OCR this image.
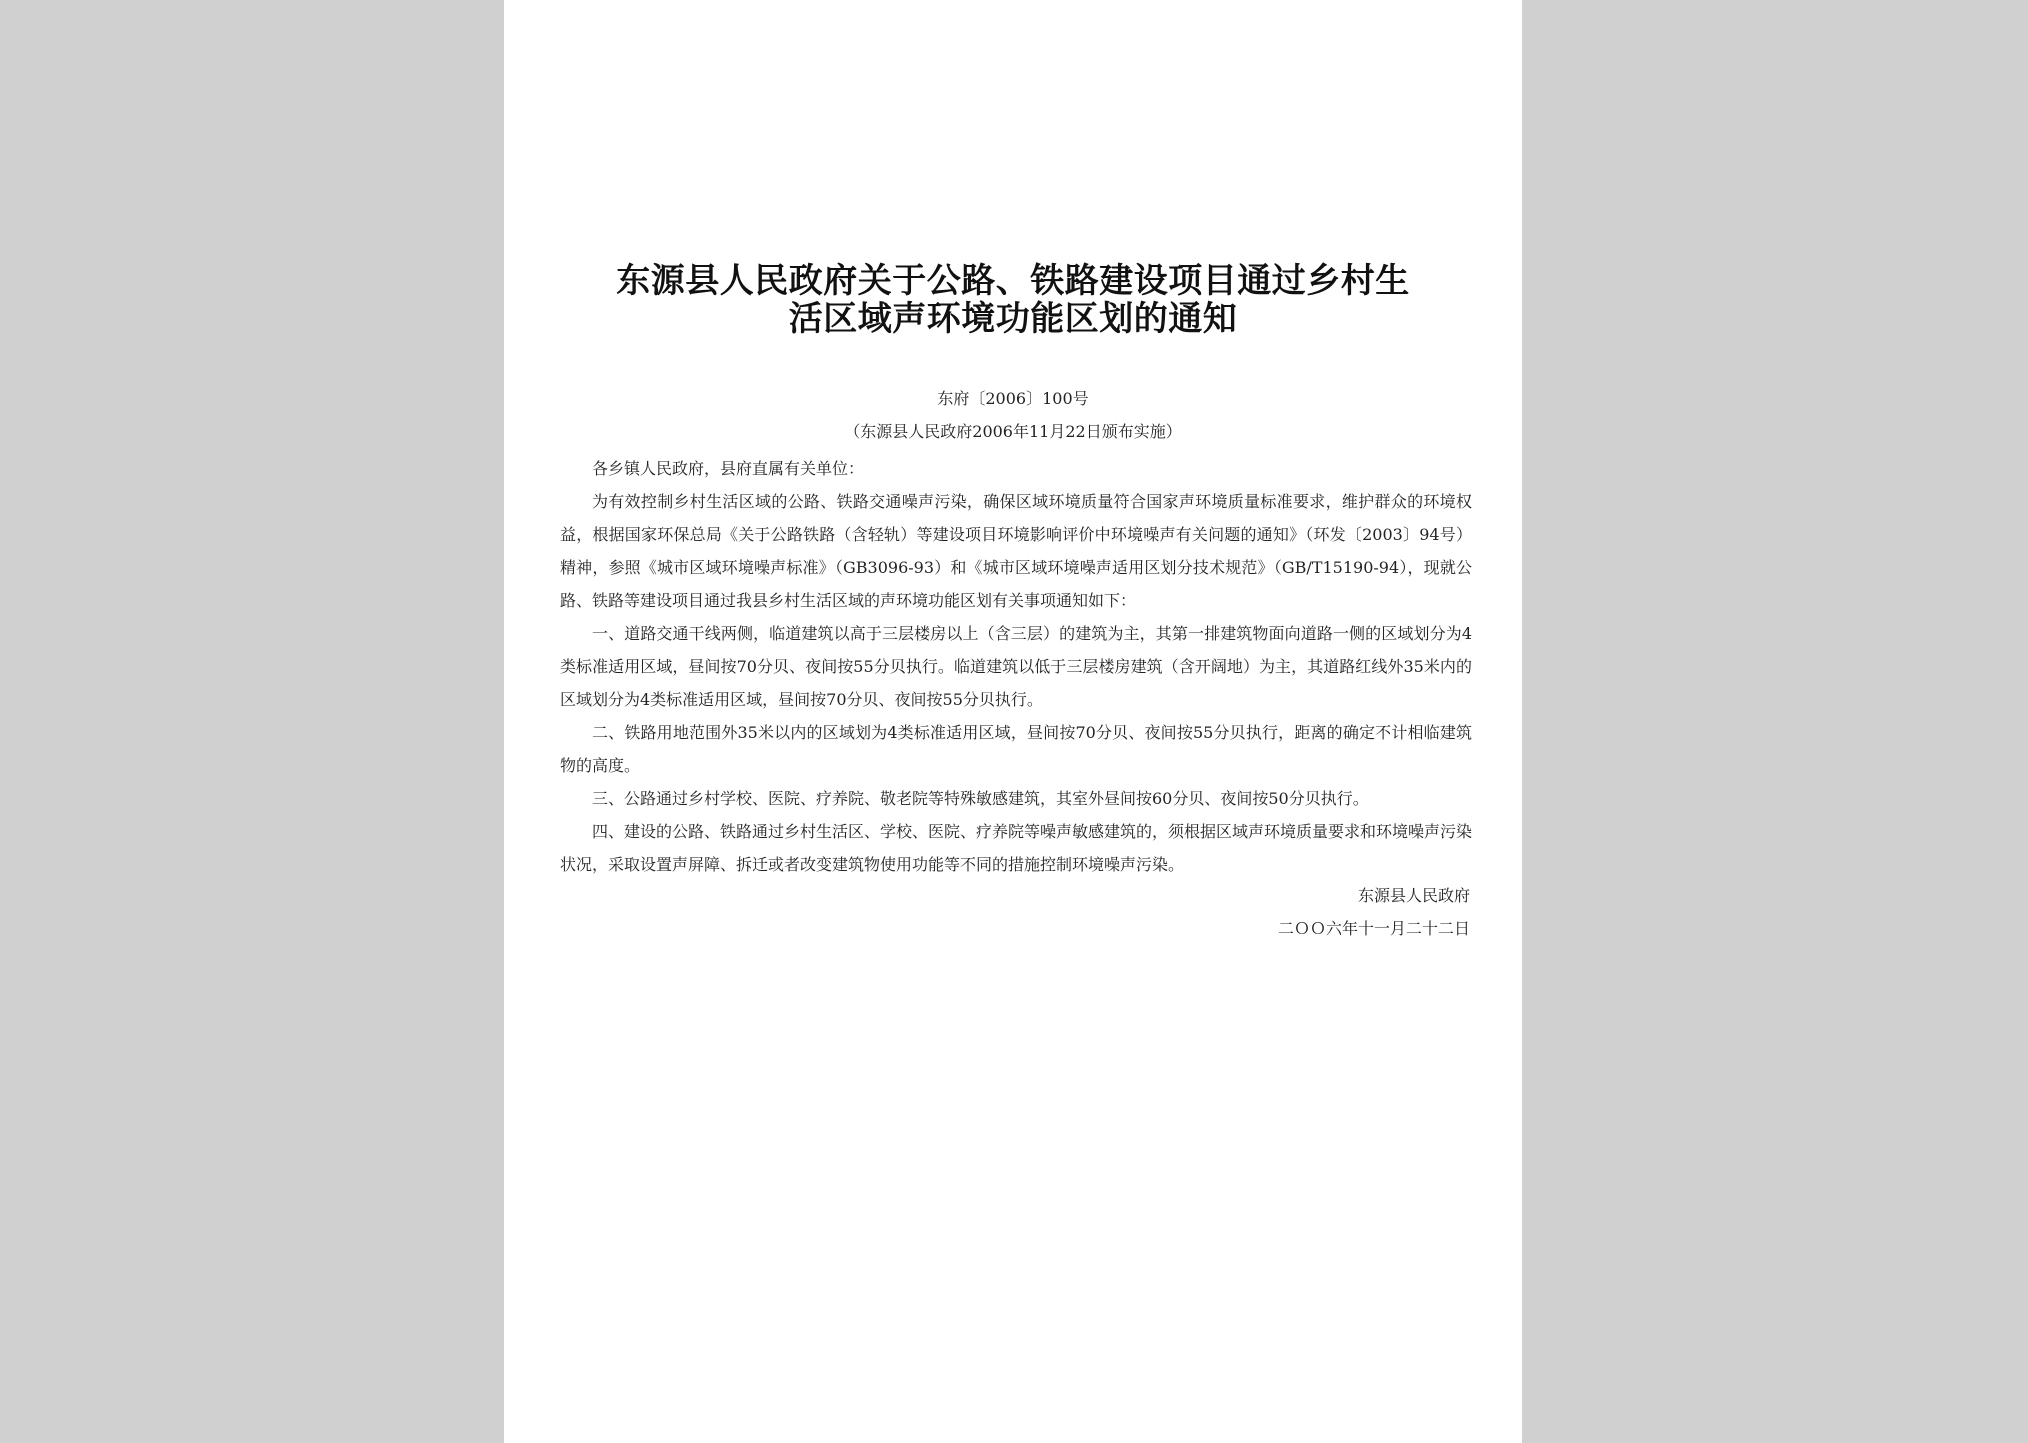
东源县人民政府关于公路、铁路建设项目通过乡村生
活区域声环境功能区划的通知
东府〔2006〕100号
（东源县人民政府2006年11月22日颁布实施）

各乡镇人民政府，县府直属有关单位：

为有效控制乡村生活区域的公路、铁路交通噪声污染，确保区域环境质量符合国家声环境质量标准要求，维护群众的环境权益，根据国家环保总局《关于公路铁路（含轻轨）等建设项目环境影响评价中环境噪声有关问题的通知》（环发〔2003〕94号）精神，参照《城市区域环境噪声标准》（GB3096-93）和《城市区域环境噪声适用区划分技术规范》（GB/T15190-94），现就公路、铁路等建设项目通过我县乡村生活区域的声环境功能区划有关事项通知如下：

一、道路交通干线两侧，临道建筑以高于三层楼房以上（含三层）的建筑为主，其第一排建筑物面向道路一侧的区域划分为4类标准适用区域，昼间按70分贝、夜间按55分贝执行。临道建筑以低于三层楼房建筑（含开阔地）为主，其道路红线外35米内的区域划分为4类标准适用区域，昼间按70分贝、夜间按55分贝执行。

二、铁路用地范围外35米以内的区域划为4类标准适用区域，昼间按70分贝、夜间按55分贝执行，距离的确定不计相临建筑物的高度。

三、公路通过乡村学校、医院、疗养院、敬老院等特殊敏感建筑，其室外昼间按60分贝、夜间按50分贝执行。

四、建设的公路、铁路通过乡村生活区、学校、医院、疗养院等噪声敏感建筑的，须根据区域声环境质量要求和环境噪声污染状况，采取设置声屏障、拆迁或者改变建筑物使用功能等不同的措施控制环境噪声污染。

东源县人民政府
二ＯＯ六年十一月二十二日
